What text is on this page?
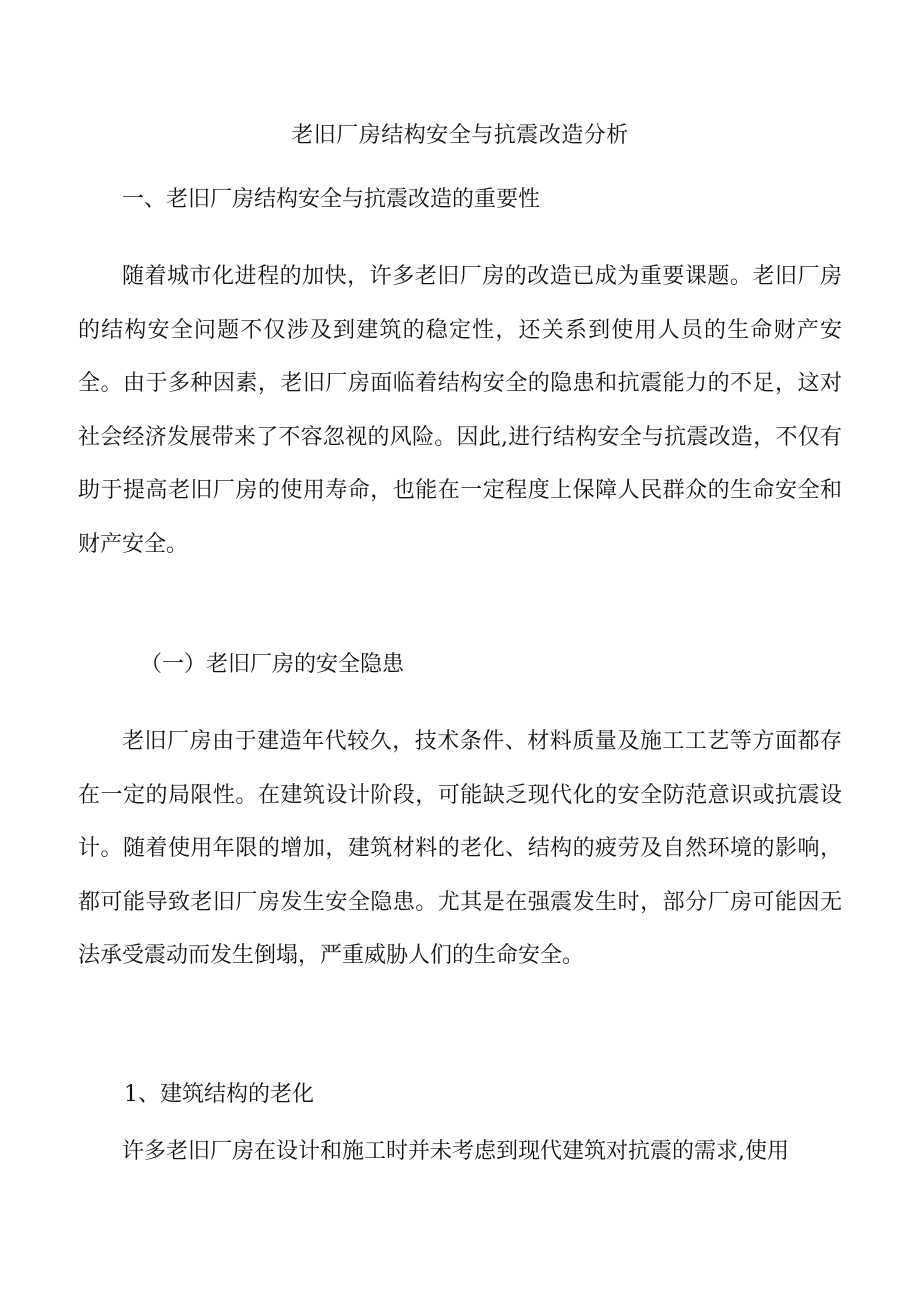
老旧厂房结构安全与抗震改造分析
一、老旧厂房结构安全与抗震改造的重要性

随着城市化进程的加快，许多老旧厂房的改造已成为重要课题。老旧厂房的结构安全问题不仅涉及到建筑的稳定性，还关系到使用人员的生命财产安全。由于多种因素，老旧厂房面临着结构安全的隐患和抗震能力的不足，这对社会经济发展带来了不容忽视的风险。因此,进行结构安全与抗震改造，不仅有助于提高老旧厂房的使用寿命，也能在一定程度上保障人民群众的生命安全和财产安全。

（一）老旧厂房的安全隐患

老旧厂房由于建造年代较久，技术条件、材料质量及施工工艺等方面都存在一定的局限性。在建筑设计阶段，可能缺乏现代化的安全防范意识或抗震设计。随着使用年限的增加，建筑材料的老化、结构的疲劳及自然环境的影响，都可能导致老旧厂房发生安全隐患。尤其是在强震发生时，部分厂房可能因无法承受震动而发生倒塌，严重威胁人们的生命安全。

1、建筑结构的老化

许多老旧厂房在设计和施工时并未考虑到现代建筑对抗震的需求,使用
